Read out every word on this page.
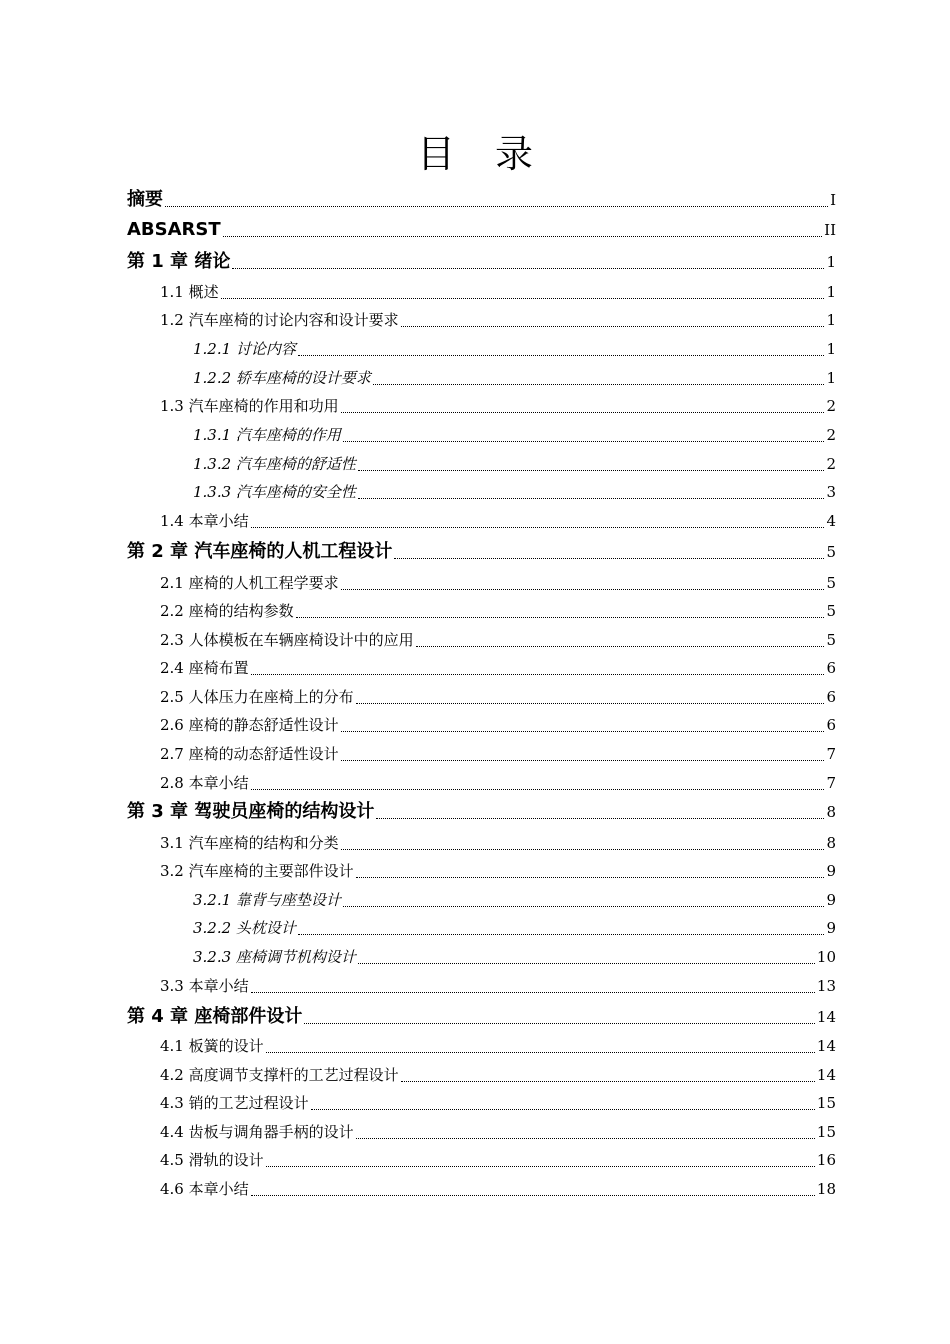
目 录
摘要	I
ABSARST	II
第 1 章 绪论	1
1.1 概述	1
1.2 汽车座椅的讨论内容和设计要求	1
1.2.1 讨论内容	1
1.2.2 轿车座椅的设计要求	1
1.3 汽车座椅的作用和功用	2
1.3.1 汽车座椅的作用	2
1.3.2 汽车座椅的舒适性	2
1.3.3 汽车座椅的安全性	3
1.4 本章小结	4
第 2 章 汽车座椅的人机工程设计	5
2.1 座椅的人机工程学要求	5
2.2 座椅的结构参数	5
2.3 人体模板在车辆座椅设计中的应用	5
2.4 座椅布置	6
2.5 人体压力在座椅上的分布	6
2.6 座椅的静态舒适性设计	6
2.7 座椅的动态舒适性设计	7
2.8 本章小结	7
第 3 章 驾驶员座椅的结构设计	8
3.1 汽车座椅的结构和分类	8
3.2 汽车座椅的主要部件设计	9
3.2.1 靠背与座垫设计	9
3.2.2 头枕设计	9
3.2.3 座椅调节机构设计	10
3.3 本章小结	13
第 4 章 座椅部件设计	14
4.1 板簧的设计	14
4.2 高度调节支撑杆的工艺过程设计	14
4.3 销的工艺过程设计	15
4.4 齿板与调角器手柄的设计	15
4.5 滑轨的设计	16
4.6 本章小结	18
